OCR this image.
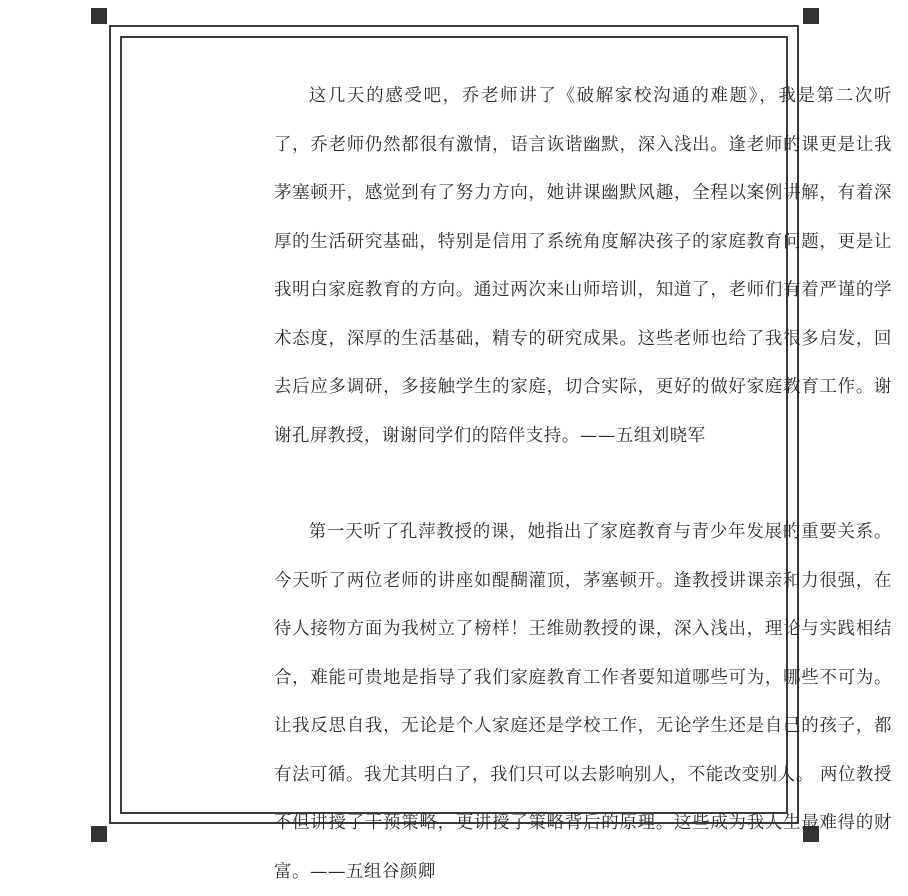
这几天的感受吧，乔老师讲了《破解家校沟通的难题》，我是第二次听了，乔老师仍然都很有激情，语言诙谐幽默，深入浅出。逢老师的课更是让我茅塞顿开，感觉到有了努力方向，她讲课幽默风趣，全程以案例讲解，有着深厚的生活研究基础，特别是信用了系统角度解决孩子的家庭教育问题，更是让我明白家庭教育的方向。通过两次来山师培训，知道了，老师们有着严谨的学术态度，深厚的生活基础，精专的研究成果。这些老师也给了我很多启发，回去后应多调研，多接触学生的家庭，切合实际，更好的做好家庭教育工作。谢谢孔屏教授，谢谢同学们的陪伴支持。——五组刘晓军

第一天听了孔萍教授的课，她指出了家庭教育与青少年发展的重要关系。今天听了两位老师的讲座如醍醐灌顶，茅塞顿开。逢教授讲课亲和力很强，在待人接物方面为我树立了榜样！王维勋教授的课，深入浅出，理论与实践相结合，难能可贵地是指导了我们家庭教育工作者要知道哪些可为，哪些不可为。让我反思自我，无论是个人家庭还是学校工作，无论学生还是自己的孩子，都有法可循。我尤其明白了，我们只可以去影响别人，不能改变别人。 两位教授不但讲授了干预策略，更讲授了策略背后的原理。这些成为我人生最难得的财富。——五组谷颜卿
